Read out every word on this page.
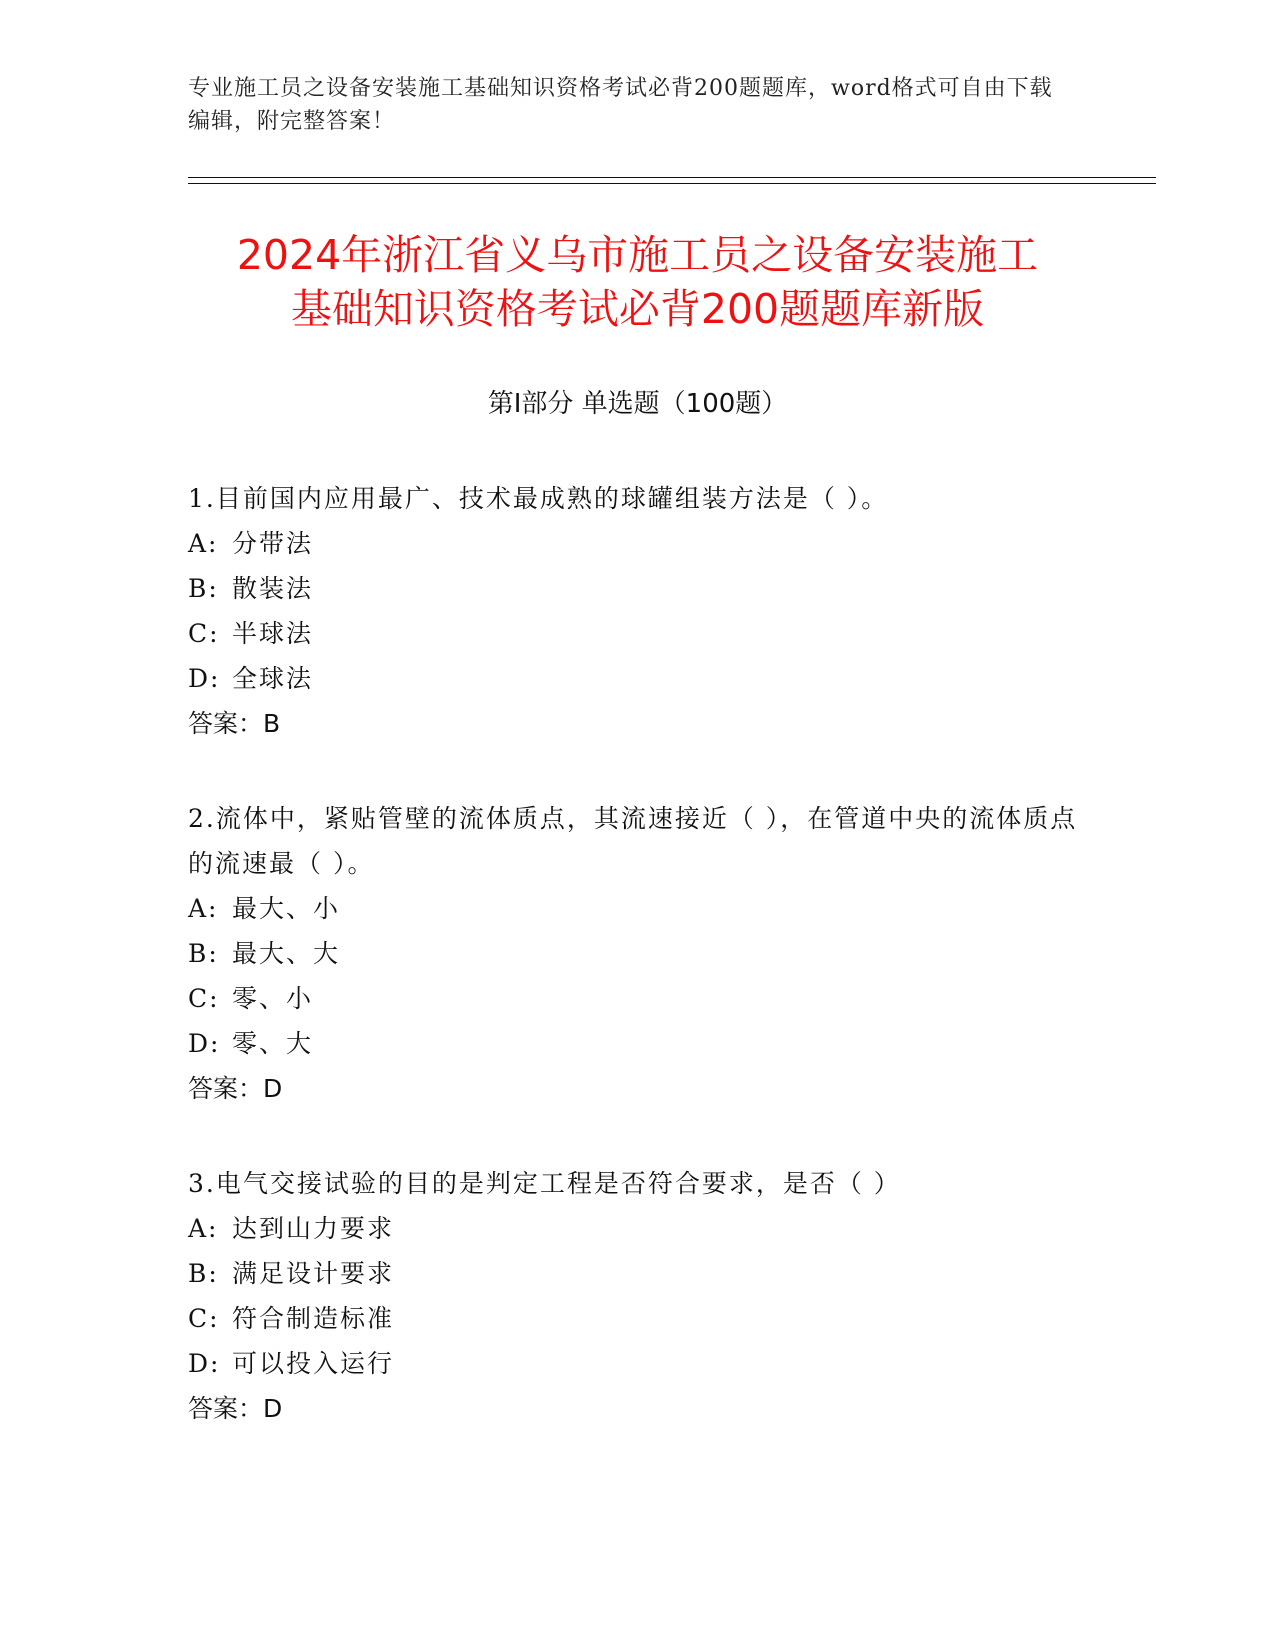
专业施工员之设备安装施工基础知识资格考试必背200题题库，word格式可自由下载编辑，附完整答案！
2024年浙江省义乌市施工员之设备安装施工
基础知识资格考试必背200题题库新版
第Ⅰ部分 单选题（100题）

1.目前国内应用最广、技术最成熟的球罐组装方法是（ ）。

A: 分带法

B: 散装法

C: 半球法

D: 全球法

答案：B

2.流体中，紧贴管壁的流体质点，其流速接近（ ），在管道中央的流体质点的流速最（ ）。

A: 最大、小

B: 最大、大

C: 零、小

D: 零、大

答案：D

3.电气交接试验的目的是判定工程是否符合要求，是否（ ）

A: 达到山力要求

B: 满足设计要求

C: 符合制造标准

D: 可以投入运行

答案：D
